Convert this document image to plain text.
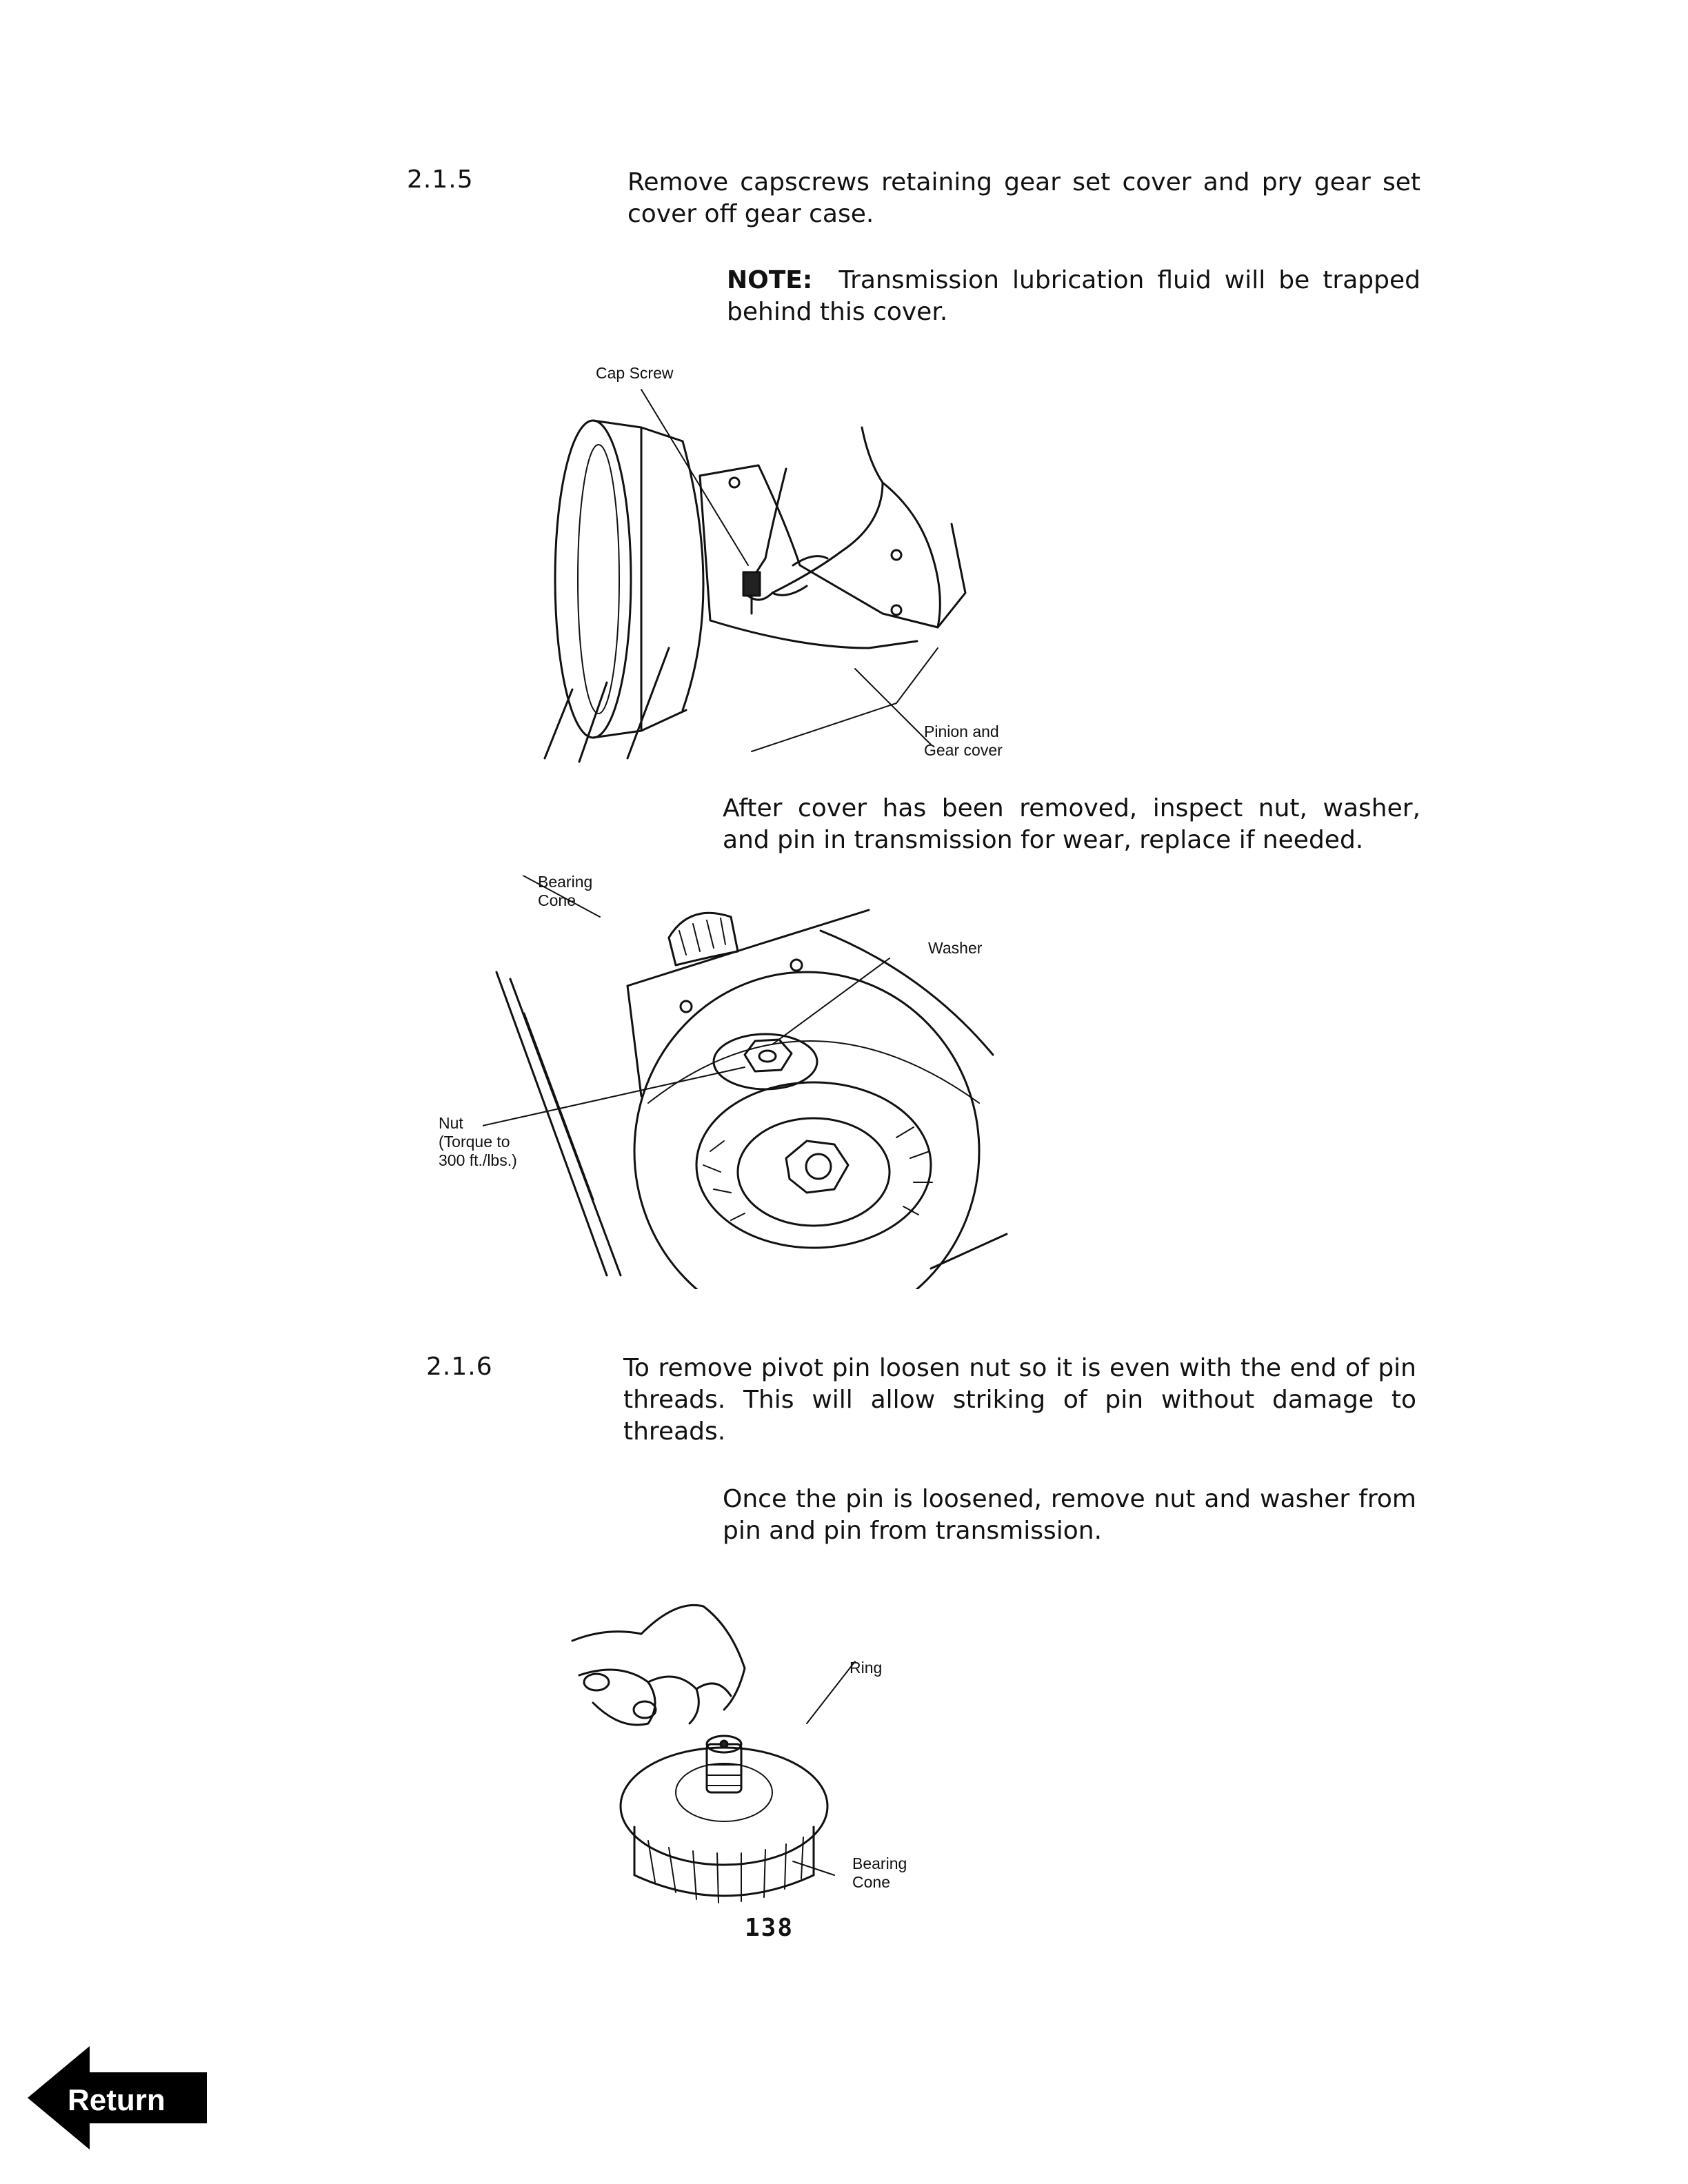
2.1.5	Remove capscrews retaining gear set cover and pry gear set cover off gear case.
NOTE: Transmission lubrication fluid will be trapped behind this cover.
Cap Screw
Pinion and
Gear cover
After cover has been removed, inspect nut, washer, and pin in transmission for wear, replace if needed.
Bearing
Cone
Washer
Nut
(Torque to
300 ft./lbs.)
2.1.6	To remove pivot pin loosen nut so it is even with the end of pin threads. This will allow striking of pin without damage to threads.
Once the pin is loosened, remove nut and washer from pin and pin from transmission.
Ring
Bearing
Cone
138
Return
